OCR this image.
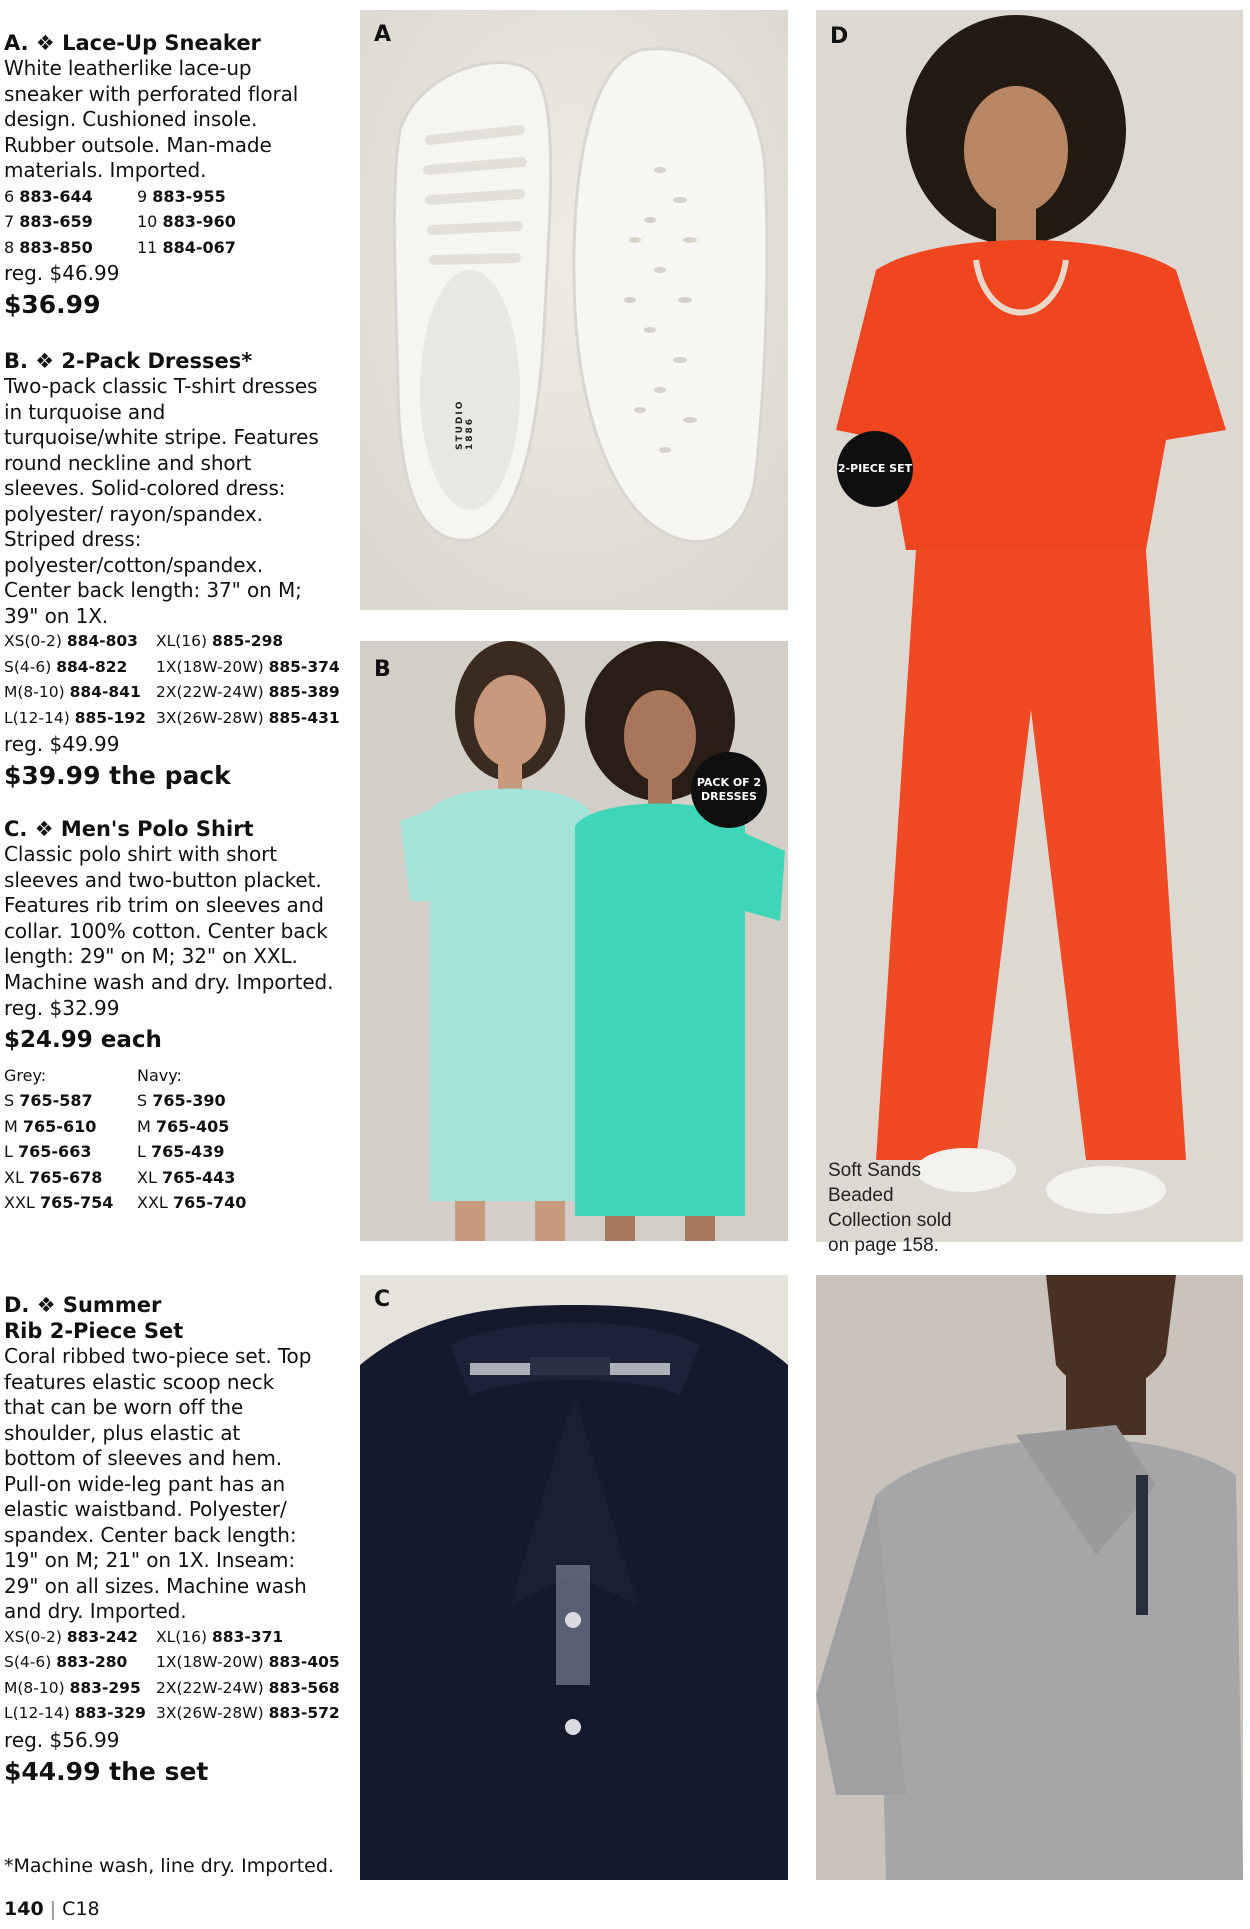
A. ❖ Lace-Up Sneaker

White leatherlike lace-up sneaker with perforated floral design. Cushioned insole. Rubber outsole. Man-made materials. Imported.

6 883-644	9 883-955
7 883-659	10 883-960
8 883-850	11 884-067

reg. $46.99

$36.99

B. ❖ 2-Pack Dresses*

Two-pack classic T-shirt dresses in turquoise and turquoise/white stripe. Features round neckline and short sleeves. Solid-colored dress: polyester/ rayon/spandex. Striped dress: polyester/cotton/spandex. Center back length: 37" on M; 39" on 1X.

XS(0-2) 884-803	XL(16) 885-298
S(4-6) 884-822	1X(18W-20W) 885-374
M(8-10) 884-841 2X(22W-24W) 885-389
L(12-14) 885-192 3X(26W-28W) 885-431

reg. $49.99

$39.99 the pack

C. ❖ Men's Polo Shirt

Classic polo shirt with short sleeves and two-button placket. Features rib trim on sleeves and collar. 100% cotton. Center back length: 29" on M; 32" on XXL. Machine wash and dry. Imported.

reg. $32.99

$24.99 each

Grey:	Navy:
S 765-587	S 765-390
M 765-610	M 765-405
L 765-663	L 765-439
XL 765-678	XL 765-443
XXL 765-754	XXL 765-740

D. ❖ Summer Rib 2-Piece Set

Coral ribbed two-piece set. Top features elastic scoop neck that can be worn off the shoulder, plus elastic at bottom of sleeves and hem. Pull-on wide-leg pant has an elastic waistband. Polyester/ spandex. Center back length: 19" on M; 21" on 1X. Inseam: 29" on all sizes. Machine wash and dry. Imported.

XS(0-2) 883-242	XL(16) 883-371
S(4-6) 883-280	1X(18W-20W) 883-405
M(8-10) 883-295 2X(22W-24W) 883-568
L(12-14) 883-329 3X(26W-28W) 883-572

reg. $56.99

$44.99 the set

*Machine wash, line dry. Imported.
140 | C18
A
STUDIO 1886
B
PACK OF 2 DRESSES
C
D
2-PIECE SET
Soft Sands Beaded Collection sold on page 158.
